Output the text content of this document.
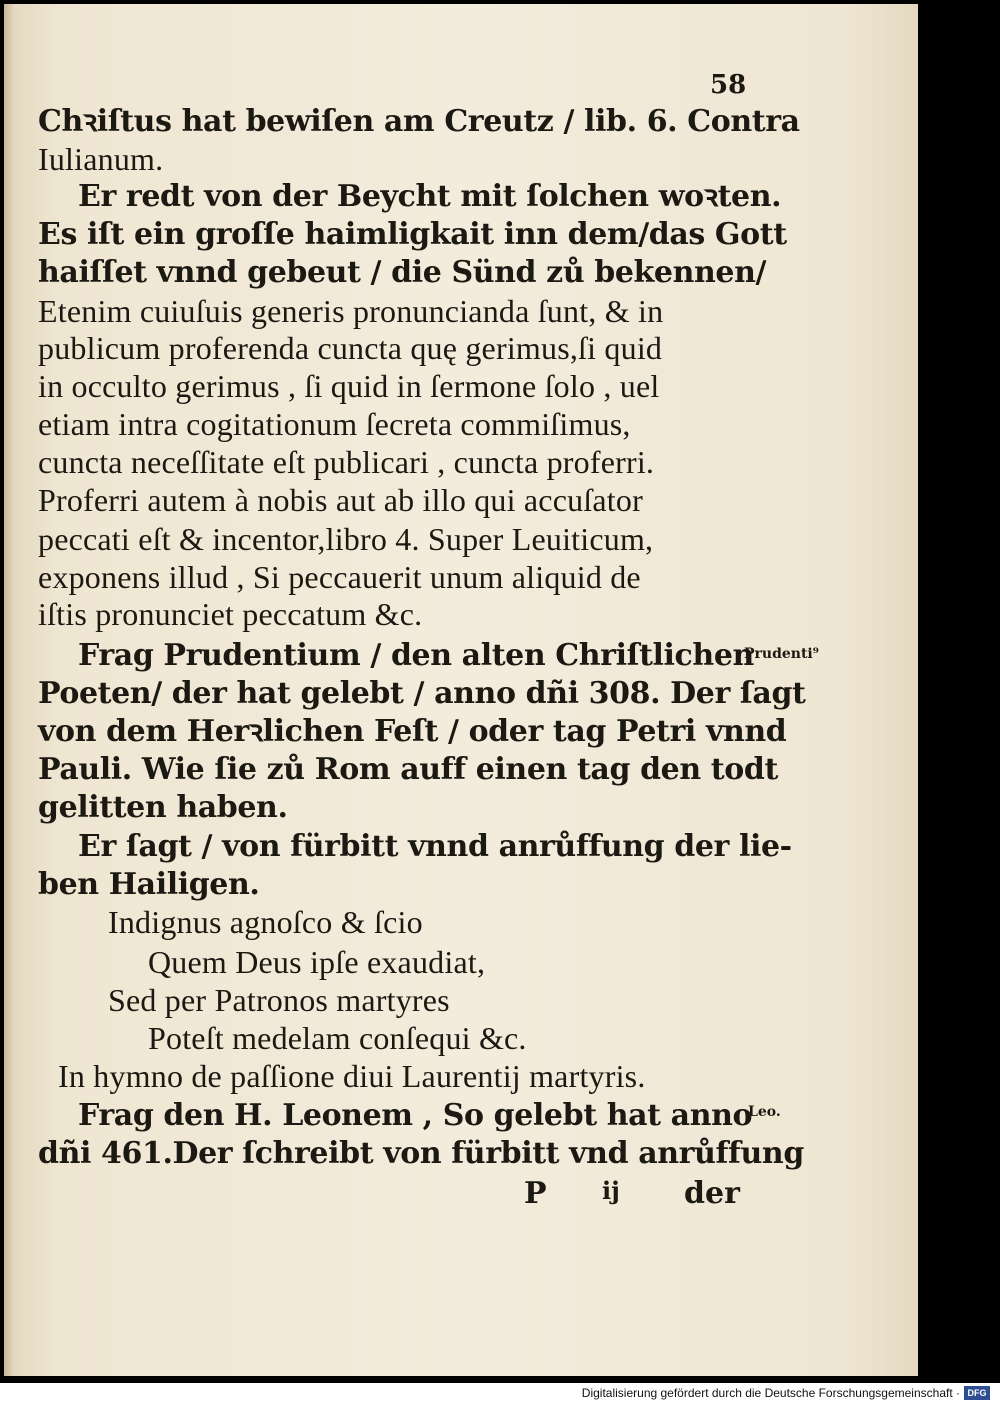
58

Chꝛiſtus hat bewiſen am Creutz / lib. 6. Contra

Iulianum.

Er redt von der Beycht mit ſolchen woꝛten.

Es iſt ein groſſe haimligkait inn dem/das Gott

haiſſet vnnd gebeut / die Sünd zů bekennen/

Etenim cuiuſuis generis pronuncianda ſunt, & in

publicum proferenda cuncta quę gerimus,ſi quid

in occulto gerimus , ſi quid in ſermone ſolo , uel

etiam intra cogitationum ſecreta commiſimus,

cuncta neceſſitate eſt publicari , cuncta proferri.

Proferri autem à nobis aut ab illo qui accuſator

peccati eſt & incentor,libro 4. Super Leuiticum,

exponens illud , Si peccauerit unum aliquid de

iſtis pronunciet peccatum &c.

Frag Prudentium / den alten Chriſtlichen

Poeten/ der hat gelebt / anno dñi 308. Der ſagt

von dem Herꝛlichen Feſt / oder tag Petri vnnd

Pauli. Wie ſie zů Rom auff einen tag den todt

gelitten haben.

Er ſagt / von fürbitt vnnd anrůffung der lie-

ben Hailigen.

Indignus agnoſco & ſcio

Quem Deus ipſe exaudiat,

Sed per Patronos martyres

Poteſt medelam conſequi &c.

In hymno de paſſione diui Laurentij martyris.

Frag den H. Leonem , So gelebt hat anno

dñi 461.Der ſchreibt von fürbitt vnd anrůffung

Prudenti⁹
Leo.
P ij der
Digitalisierung gefördert durch die Deutsche Forschungsgemeinschaft · DFG
